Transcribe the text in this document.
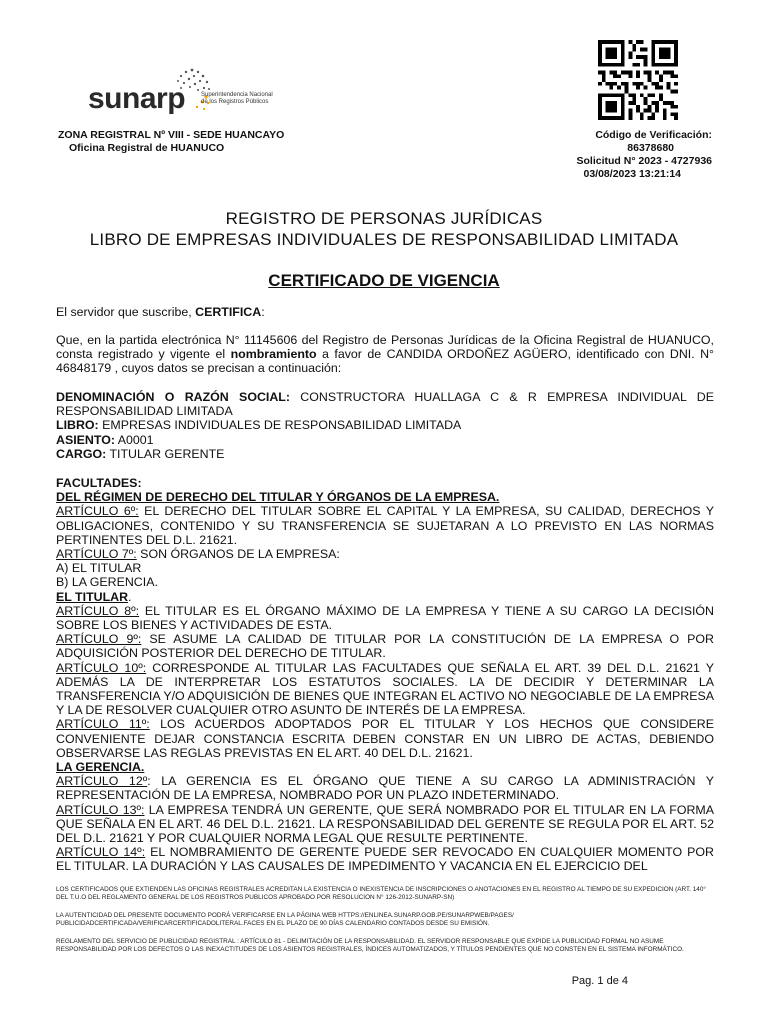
sunarp	Superintendencia Nacional
de los Registros Públicos
ZONA REGISTRAL Nº VIII - SEDE HUANCAYO
Oficina Registral de HUANUCO
Código de Verificación:
86378680
Solicitud N° 2023 - 4727936
03/08/2023 13:21:14
REGISTRO DE PERSONAS JURÍDICAS
LIBRO DE EMPRESAS INDIVIDUALES DE RESPONSABILIDAD LIMITADA
CERTIFICADO DE VIGENCIA
El servidor que suscribe, CERTIFICA:
Que, en la partida electrónica N° 11145606 del Registro de Personas Jurídicas de la Oficina Registral de HUANUCO, consta registrado y vigente el nombramiento a favor de CANDIDA ORDOÑEZ AGÜERO, identificado con DNI. N° 46848179 , cuyos datos se precisan a continuación:
DENOMINACIÓN O RAZÓN SOCIAL: CONSTRUCTORA HUALLAGA C & R EMPRESA INDIVIDUAL DE RESPONSABILIDAD LIMITADA
LIBRO: EMPRESAS INDIVIDUALES DE RESPONSABILIDAD LIMITADA
ASIENTO: A0001
CARGO: TITULAR GERENTE
FACULTADES:
DEL RÉGIMEN DE DERECHO DEL TITULAR Y ÓRGANOS DE LA EMPRESA.
ARTÍCULO 6º: EL DERECHO DEL TITULAR SOBRE EL CAPITAL Y LA EMPRESA, SU CALIDAD, DERECHOS Y OBLIGACIONES, CONTENIDO Y SU TRANSFERENCIA SE SUJETARAN A LO PREVISTO EN LAS NORMAS PERTINENTES DEL D.L. 21621.
ARTÍCULO 7º: SON ÓRGANOS DE LA EMPRESA:
A) EL TITULAR
B) LA GERENCIA.
EL TITULAR.
ARTÍCULO 8º: EL TITULAR ES EL ÓRGANO MÁXIMO DE LA EMPRESA Y TIENE A SU CARGO LA DECISIÓN SOBRE LOS BIENES Y ACTIVIDADES DE ESTA.
ARTÍCULO 9º: SE ASUME LA CALIDAD DE TITULAR POR LA CONSTITUCIÓN DE LA EMPRESA O POR ADQUISICIÓN POSTERIOR DEL DERECHO DE TITULAR.
ARTÍCULO 10º: CORRESPONDE AL TITULAR LAS FACULTADES QUE SEÑALA EL ART. 39 DEL D.L. 21621 Y ADEMÁS LA DE INTERPRETAR LOS ESTATUTOS SOCIALES. LA DE DECIDIR Y DETERMINAR LA TRANSFERENCIA Y/O ADQUISICIÓN DE BIENES QUE INTEGRAN EL ACTIVO NO NEGOCIABLE DE LA EMPRESA Y LA DE RESOLVER CUALQUIER OTRO ASUNTO DE INTERÉS DE LA EMPRESA.
ARTÍCULO 11º: LOS ACUERDOS ADOPTADOS POR EL TITULAR Y LOS HECHOS QUE CONSIDERE CONVENIENTE DEJAR CONSTANCIA ESCRITA DEBEN CONSTAR EN UN LIBRO DE ACTAS, DEBIENDO OBSERVARSE LAS REGLAS PREVISTAS EN EL ART. 40 DEL D.L. 21621.
LA GERENCIA.
ARTÍCULO 12º: LA GERENCIA ES EL ÓRGANO QUE TIENE A SU CARGO LA ADMINISTRACIÓN Y REPRESENTACIÓN DE LA EMPRESA, NOMBRADO POR UN PLAZO INDETERMINADO.
ARTÍCULO 13º: LA EMPRESA TENDRÁ UN GERENTE, QUE SERÁ NOMBRADO POR EL TITULAR EN LA FORMA QUE SEÑALA EN EL ART. 46 DEL D.L. 21621. LA RESPONSABILIDAD DEL GERENTE SE REGULA POR EL ART. 52 DEL D.L. 21621 Y POR CUALQUIER NORMA LEGAL QUE RESULTE PERTINENTE.
ARTÍCULO 14º: EL NOMBRAMIENTO DE GERENTE PUEDE SER REVOCADO EN CUALQUIER MOMENTO POR EL TITULAR. LA DURACIÓN Y LAS CAUSALES DE IMPEDIMENTO Y VACANCIA EN EL EJERCICIO DEL
LOS CERTIFICADOS QUE EXTIENDEN LAS OFICINAS REGISTRALES ACREDITAN LA EXISTENCIA O INEXISTENCIA DE INSCRIPCIONES O ANOTACIONES EN EL REGISTRO AL TIEMPO DE SU EXPEDICION (ART. 140° DEL T.U.O DEL REGLAMENTO GENERAL DE LOS REGISTROS PUBLICOS APROBADO POR RESOLUCION N° 126-2012-SUNARP-SN)
LA AUTENTICIDAD DEL PRESENTE DOCUMENTO PODRÁ VERIFICARSE EN LA PÁGINA WEB HTTPS://ENLINEA.SUNARP.GOB.PE/SUNARPWEB/PAGES/ PUBLICIDADCERTIFICADA/VERIFICARCERTIFICADOLITERAL.FACES EN EL PLAZO DE 90 DÍAS CALENDARIO CONTADOS DESDE SU EMISIÓN.
REGLAMENTO DEL SERVICIO DE PUBLICIDAD REGISTRAL : ARTÍCULO 81 - DELIMITACIÓN DE LA RESPONSABILIDAD. EL SERVIDOR RESPONSABLE QUE EXPIDE LA PUBLICIDAD FORMAL NO ASUME RESPONSABILIDAD POR LOS DEFECTOS O LAS INEXACTITUDES DE LOS ASIENTOS REGISTRALES, ÍNDICES AUTOMATIZADOS, Y TÍTULOS PENDIENTES QUE NO CONSTEN EN EL SISTEMA INFORMÁTICO.
Pag. 1 de 4
